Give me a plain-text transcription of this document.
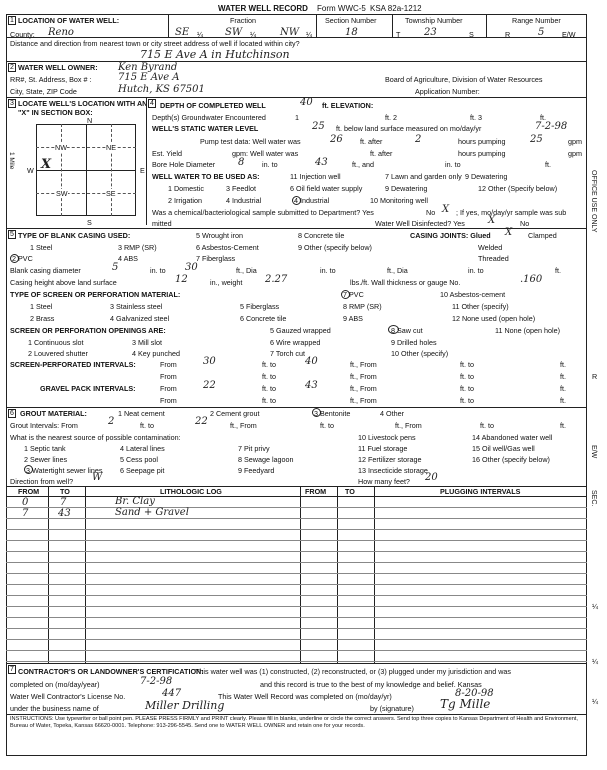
WATER WELL RECORD Form WWC-5 KSA 82a-1212
1 LOCATION OF WATER WELL:
County: Reno
Fraction
SE ¼ SW ¼ NW ¼
Section Number
18
Township Number
T 23	S
Range Number
R	5 E/W
Distance and direction from nearest town or city street address of well if located within city?
715 E Ave A in Hutchinson
2 WATER WELL OWNER: Ken Byrand
RR#, St. Address, Box # :	715 E Ave A
City, State, ZIP Code	Hutch, KS 67501
Board of Agriculture, Division of Water Resources
Application Number:
3 LOCATE WELL'S LOCATION WITH AN "X" IN SECTION BOX:
N
S
W	E
1 Mile
NW	NE
SW	SE
X
4 DEPTH OF COMPLETED WELL	40 ft. ELEVATION:
Depth(s) Groundwater Encountered	1	ft. 2	ft. 3	ft.
WELL'S STATIC WATER LEVEL	25 ft. below land surface measured on mo/day/yr	7-2-98
Pump test data: Well water was	26 ft. after	2	hours pumping 25	gpm
Est. Yield	gpm: Well water was	ft. after	hours pumping	gpm
Bore Hole Diameter 8 in. to	43	ft., and	in. to	ft.
WELL WATER TO BE USED AS:	11 Injection well	7 Lawn and garden only 9 Dewatering
1 Domestic	3 Feedlot	6 Oil field water supply	9 Dewatering	12 Other (Specify below)
2 Irrigation	4 Industrial	4 Industrial	10 Monitoring well
Was a chemical/bacteriological sample submitted to Department? Yes	No X ; If yes, mo/day/yr sample was sub
mitted	Water Well Disinfected? Yes X	No
5 TYPE OF BLANK CASING USED:	5 Wrought iron	8 Concrete tile	CASING JOINTS: Glued X Clamped
1 Steel	3 RMP (SR)	6 Asbestos-Cement	9 Other (specify below)	Welded
2 PVC	4 ABS	7 Fiberglass	Threaded
Blank casing diameter	5	in. to 30	ft., Dia	in. to	ft., Dia	in. to	ft.
Casing height above land surface	12	in., weight 2.27	lbs./ft. Wall thickness or gauge No.	.160
TYPE OF SCREEN OR PERFORATION MATERIAL:	7 PVC	10 Asbestos-cement
1 Steel	3 Stainless steel	5 Fiberglass	8 RMP (SR)	11 Other (specify)
2 Brass	4 Galvanized steel	6 Concrete tile	9 ABS	12 None used (open hole)
SCREEN OR PERFORATION OPENINGS ARE:	5 Gauzed wrapped	8 Saw cut	11 None (open hole)
1 Continuous slot	3 Mill slot	6 Wire wrapped	9 Drilled holes
2 Louvered shutter	4 Key punched	7 Torch cut	10 Other (specify)
SCREEN-PERFORATED INTERVALS:	From	30	ft. to	40	ft., From	ft. to	ft.
From	ft. to	ft., From	ft. to	ft.
GRAVEL PACK INTERVALS:	From	22	ft. to	43	ft., From	ft. to	ft.
From	ft. to	ft., From	ft. to	ft.
6 GROUT MATERIAL:	1 Neat cement	2 Cement grout	3 Bentonite	4 Other
Grout Intervals: From	2	ft. to	22	ft., From	ft. to	ft., From	ft. to	ft.
What is the nearest source of possible contamination:	10 Livestock pens	14 Abandoned water well
1 Septic tank	4 Lateral lines	7 Pit privy	11 Fuel storage	15 Oil well/Gas well
2 Sewer lines	5 Cess pool	8 Sewage lagoon	12 Fertilizer storage	16 Other (specify below)
3 Watertight sewer lines 6 Seepage pit	9 Feedyard	13 Insecticide storage
Direction from well? W	How many feet? 20
FROM	TO	LITHOLOGIC LOG	FROM	TO	PLUGGING INTERVALS
0	7	Br. Clay
7	43	Sand + Gravel
7 CONTRACTOR'S OR LANDOWNER'S CERTIFICATION:
This water well was (1) constructed, (2) reconstructed, or (3) plugged under my jurisdiction and was
completed on (mo/day/year)	7-2-98	and this record is true to the best of my knowledge and belief. Kansas
Water Well Contractor's License No.	447	This Water Well Record was completed on (mo/day/yr)	8-20-98
under the business name of	Miller Drilling	by (signature) Tg Mille
INSTRUCTIONS: Use typewriter or ball point pen. PLEASE PRESS FIRMLY and PRINT clearly. Please fill in blanks, underline or circle the correct answers. Send top three copies to Kansas Department of Health and Environment, Bureau of Water, Topeka, Kansas 66620-0001. Telephone: 913-296-5545. Send one to WATER WELL OWNER and retain one for your records.
OFFICE USE ONLY
R
E/W
SEC.
¼
¼
¼
